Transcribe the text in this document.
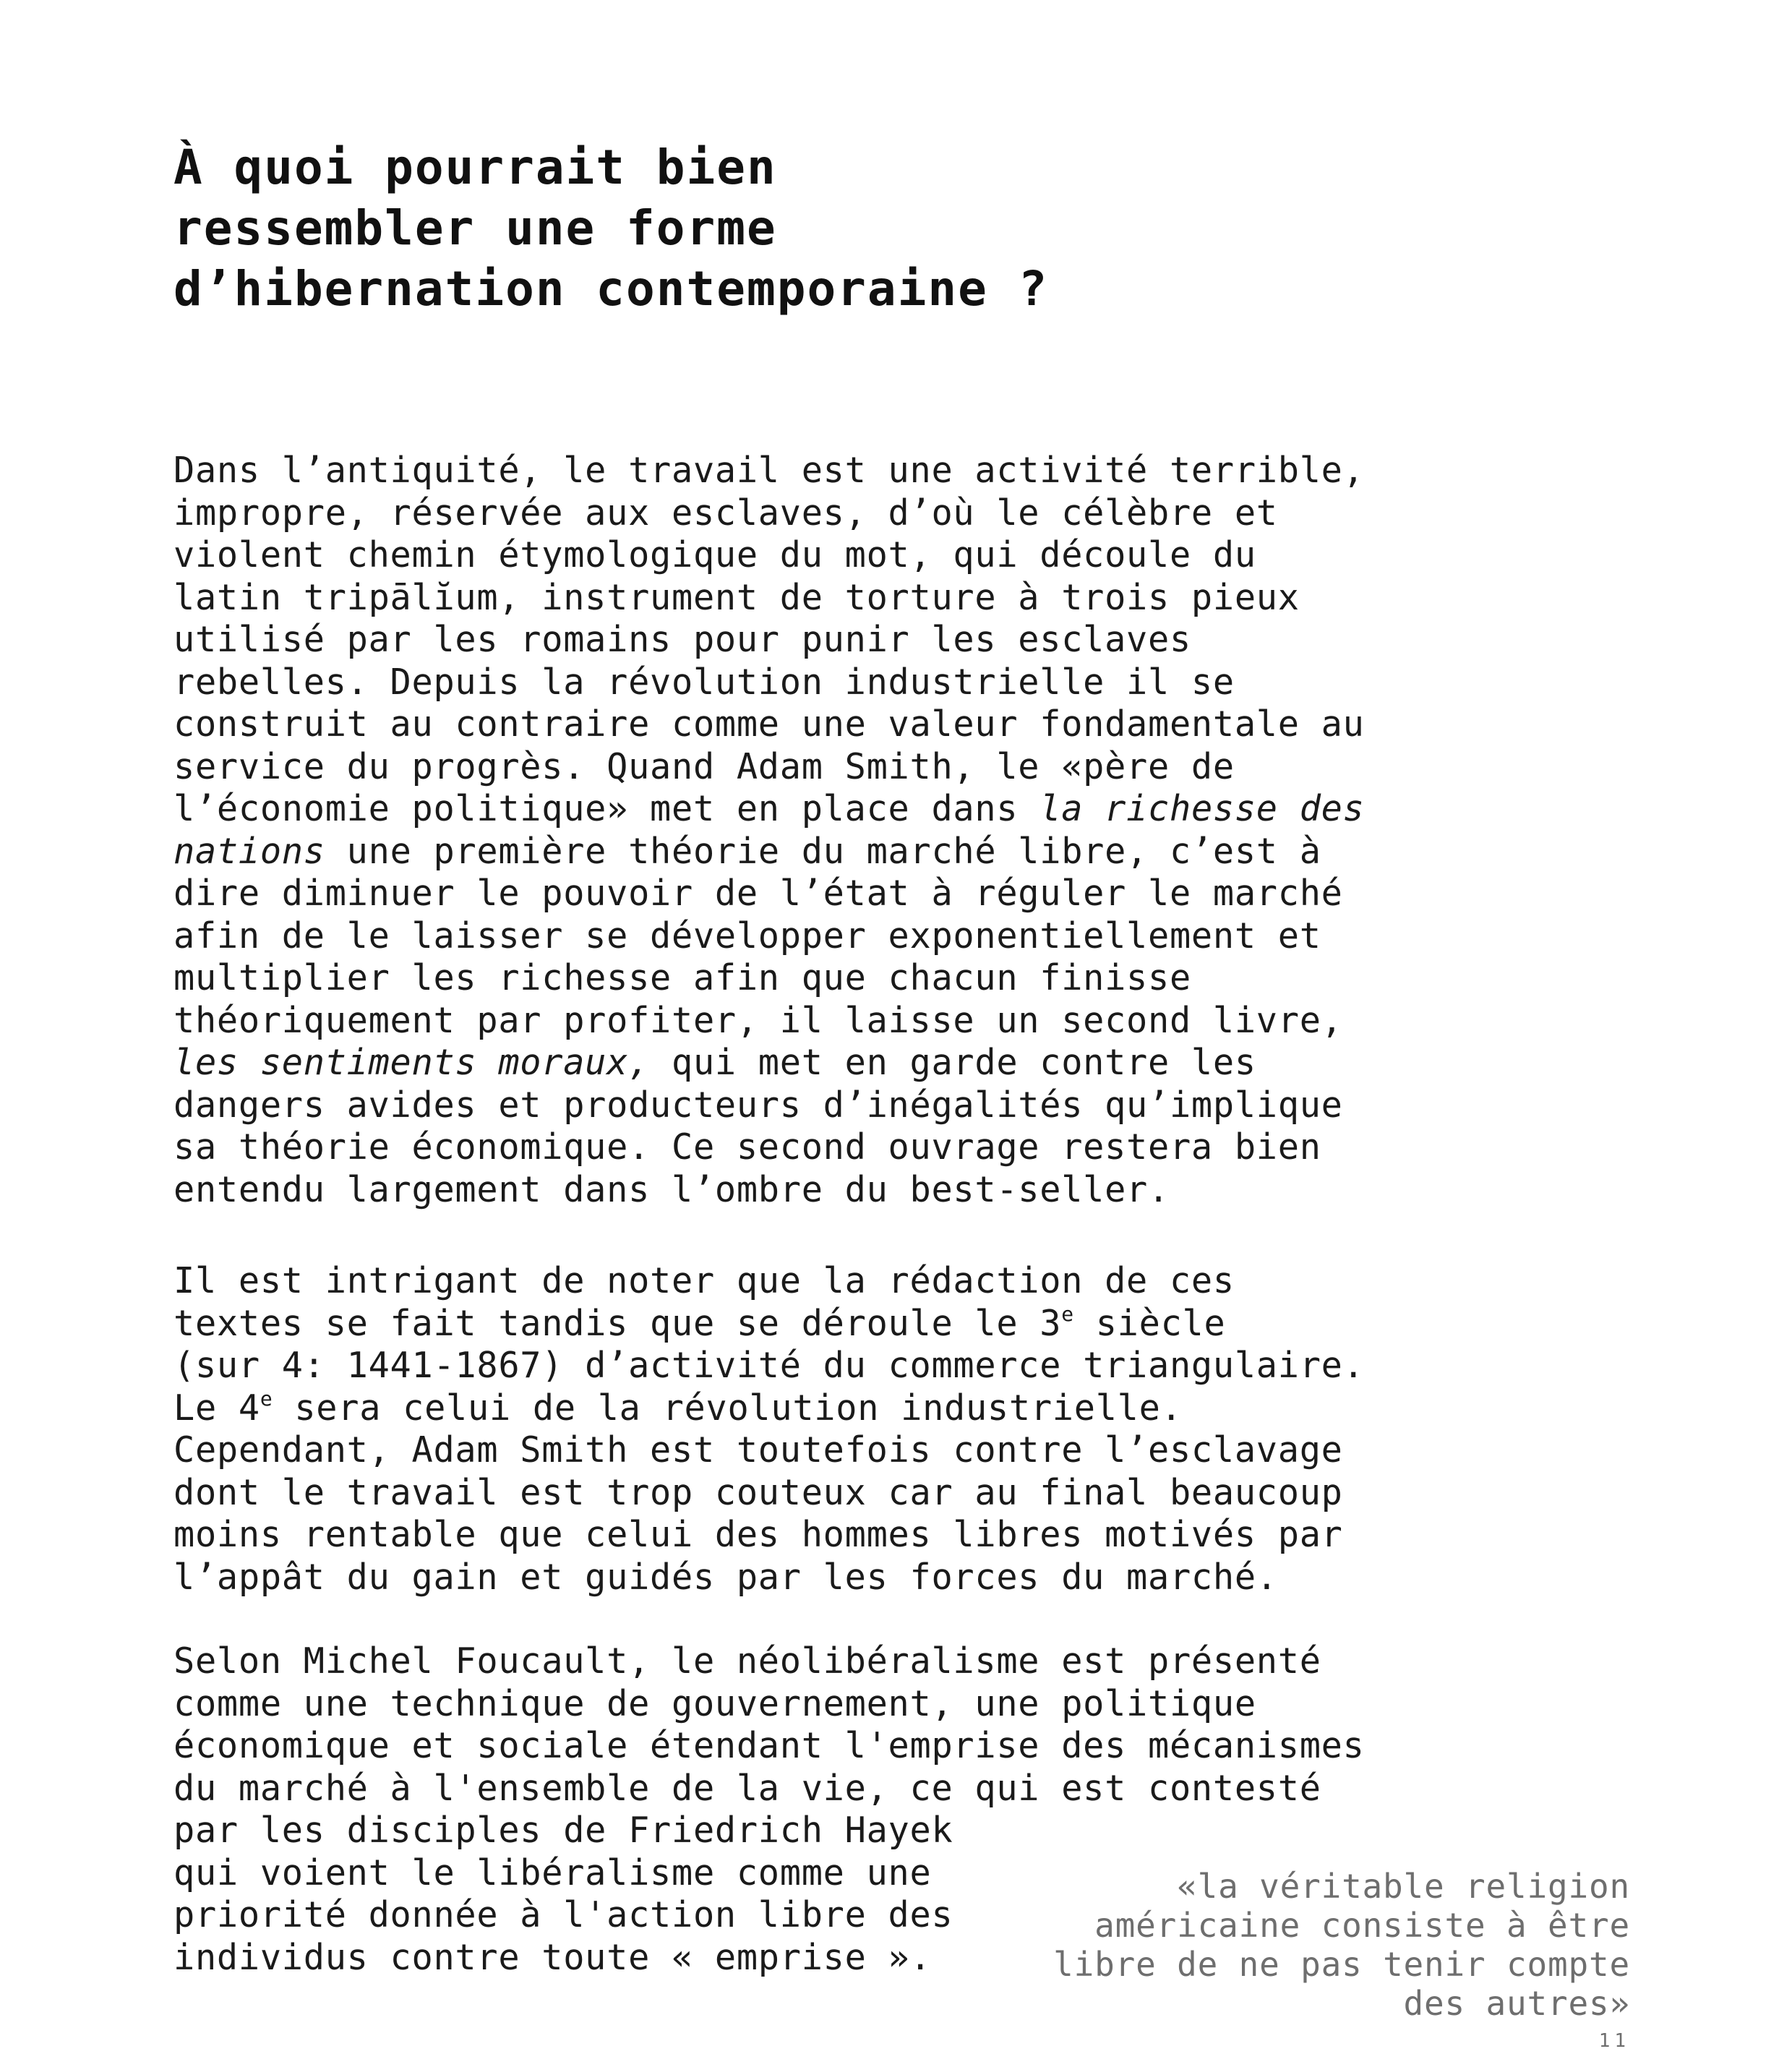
À quoi pourrait bien
ressembler une forme
d’hibernation contemporaine ?

Dans l’antiquité, le travail est une activité terrible,
impropre, réservée aux esclaves, d’où le célèbre et
violent chemin étymologique du mot, qui découle du
latin tripālĭum, instrument de torture à trois pieux
utilisé par les romains pour punir les esclaves
rebelles. Depuis la révolution industrielle il se
construit au contraire comme une valeur fondamentale au
service du progrès. Quand Adam Smith, le «père de
l’économie politique» met en place dans la richesse des
nations une première théorie du marché libre, c’est à
dire diminuer le pouvoir de l’état à réguler le marché
afin de le laisser se développer exponentiellement et
multiplier les richesse afin que chacun finisse
théoriquement par profiter, il laisse un second livre,
les sentiments moraux, qui met en garde contre les
dangers avides et producteurs d’inégalités qu’implique
sa théorie économique. Ce second ouvrage restera bien
entendu largement dans l’ombre du best-seller.

Il est intrigant de noter que la rédaction de ces
textes se fait tandis que se déroule le 3e siècle
(sur 4: 1441-1867) d’activité du commerce triangulaire.
Le 4e sera celui de la révolution industrielle.
Cependant, Adam Smith est toutefois contre l’esclavage
dont le travail est trop couteux car au final beaucoup
moins rentable que celui des hommes libres motivés par
l’appât du gain et guidés par les forces du marché.

Selon Michel Foucault, le néolibéralisme est présenté
comme une technique de gouvernement, une politique
économique et sociale étendant l'emprise des mécanismes
du marché à l'ensemble de la vie, ce qui est contesté
par les disciples de Friedrich Hayek
qui voient le libéralisme comme une
priorité donnée à l'action libre des
individus contre toute « emprise ».

«la véritable religion
américaine consiste à être
libre de ne pas tenir compte
des autres»
11
